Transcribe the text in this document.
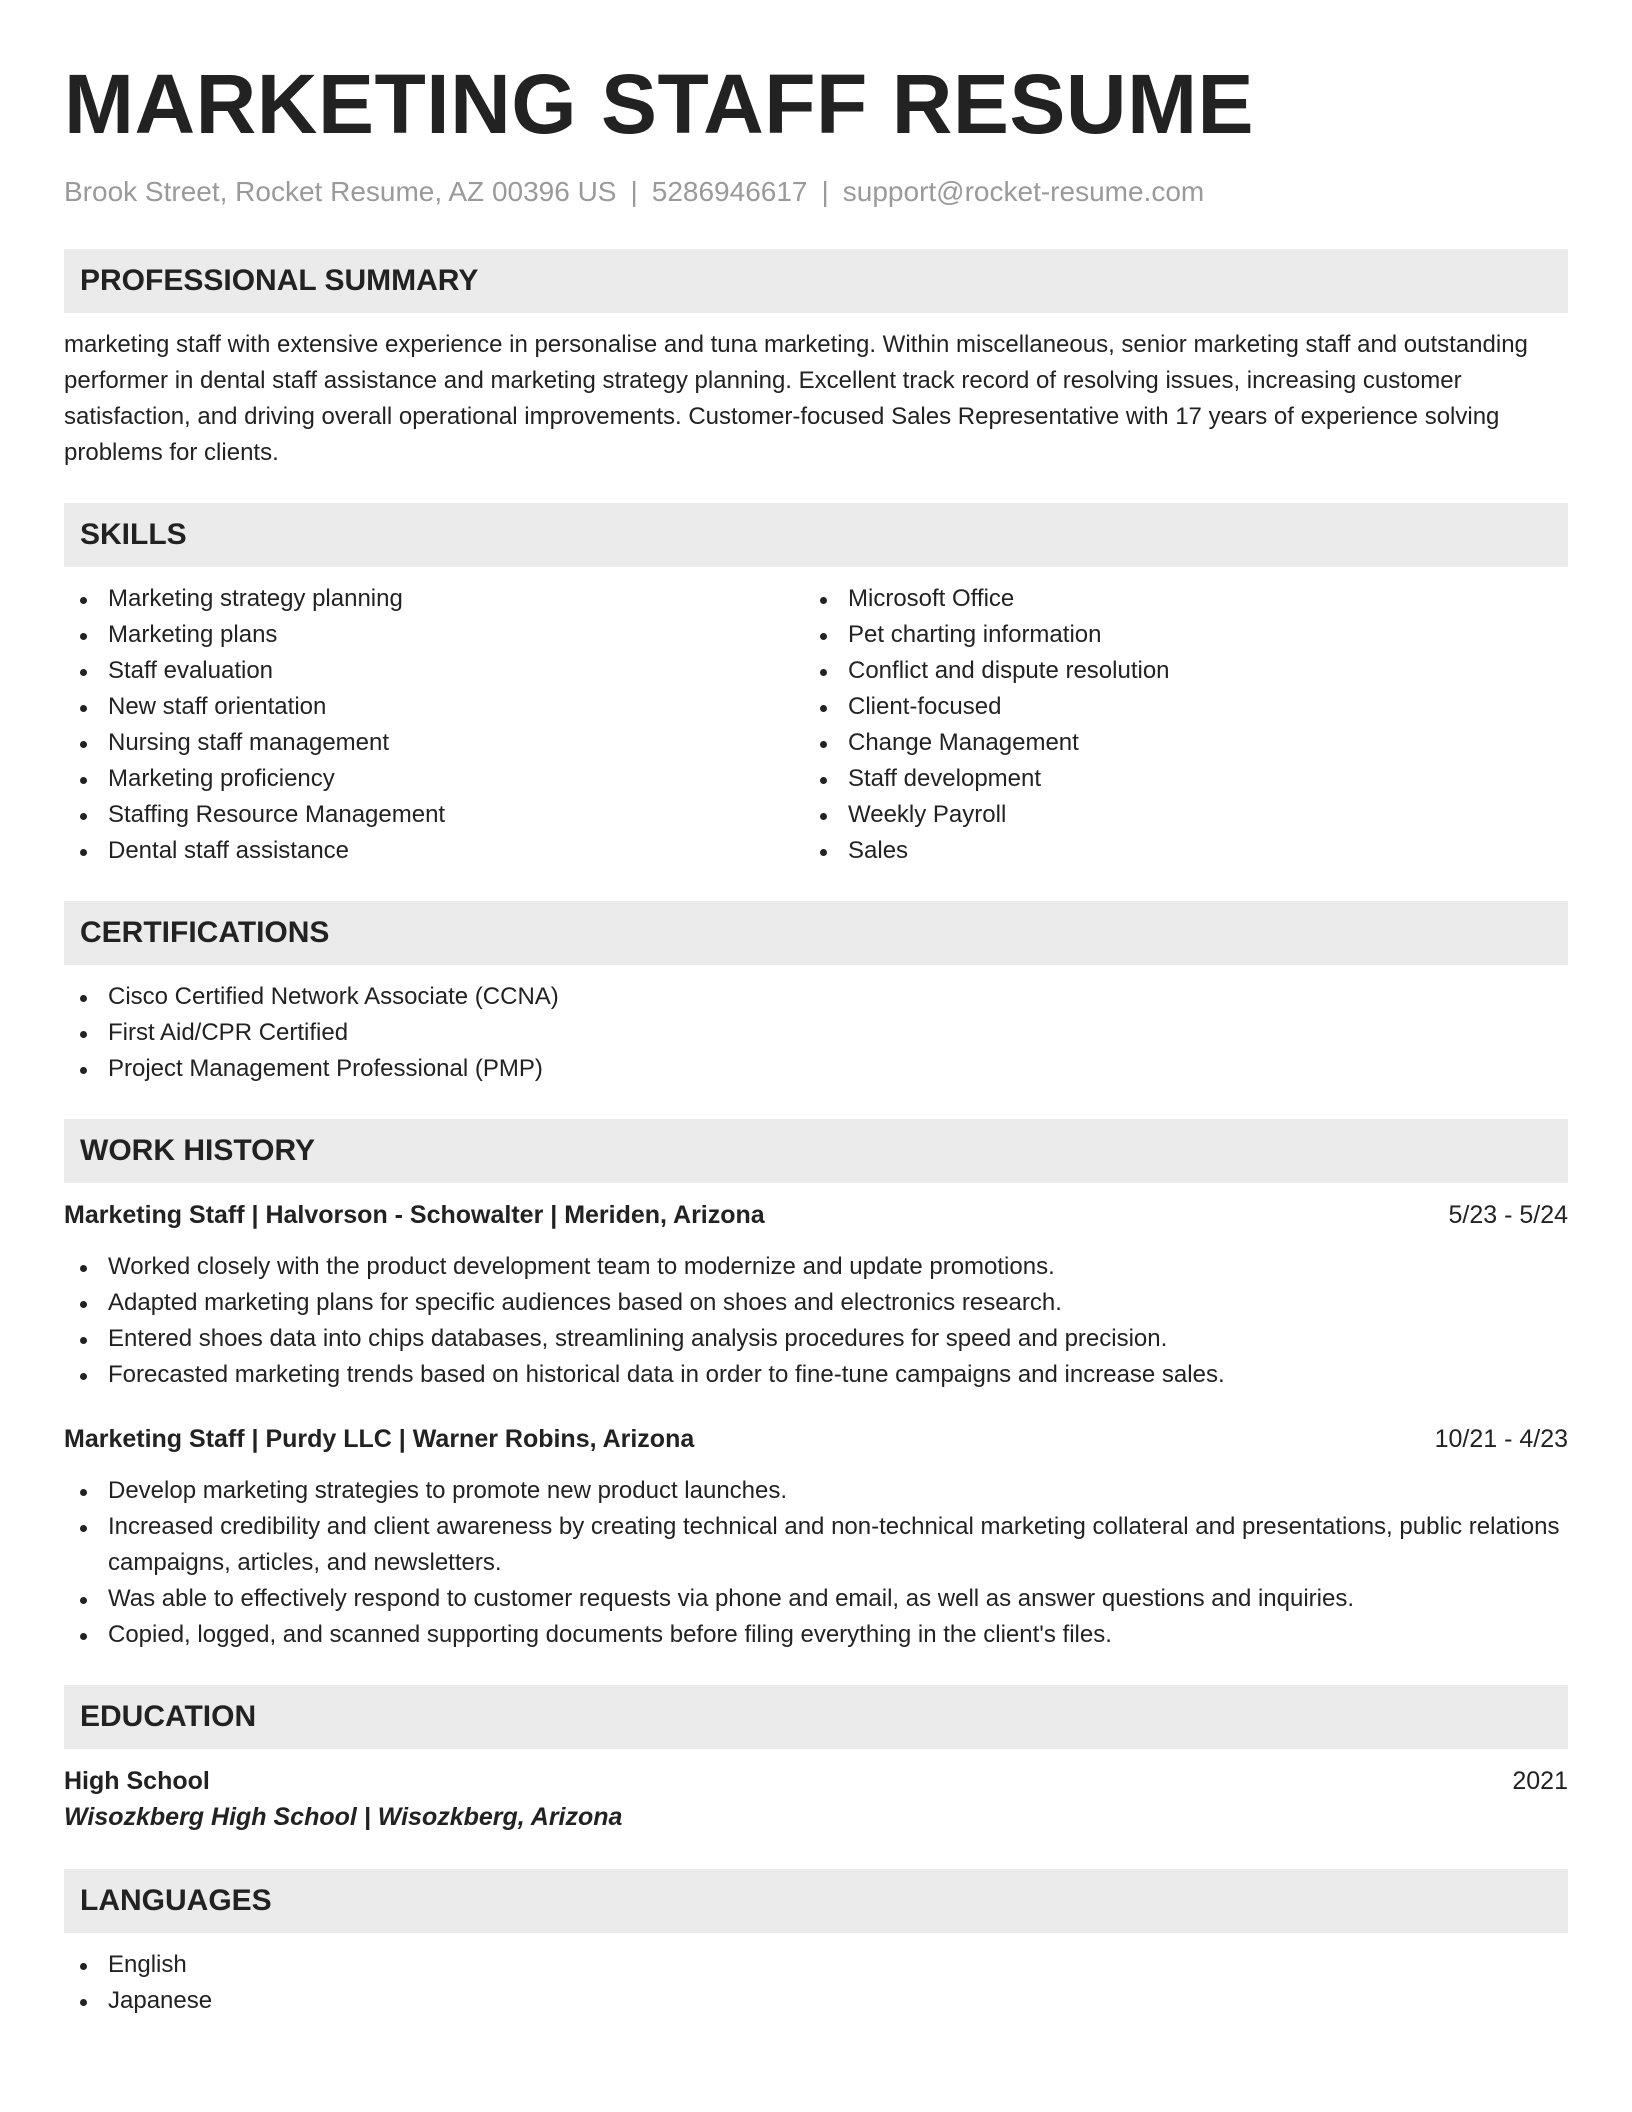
MARKETING STAFF RESUME
Brook Street, Rocket Resume, AZ 00396 US | 5286946617 | support@rocket-resume.com
PROFESSIONAL SUMMARY

marketing staff with extensive experience in personalise and tuna marketing. Within miscellaneous, senior marketing staff and outstanding performer in dental staff assistance and marketing strategy planning. Excellent track record of resolving issues, increasing customer satisfaction, and driving overall operational improvements. Customer-focused Sales Representative with 17 years of experience solving problems for clients.

SKILLS
Marketing strategy planning
Marketing plans
Staff evaluation
New staff orientation
Nursing staff management
Marketing proficiency
Staffing Resource Management
Dental staff assistance
Microsoft Office
Pet charting information
Conflict and dispute resolution
Client-focused
Change Management
Staff development
Weekly Payroll
Sales
CERTIFICATIONS
Cisco Certified Network Associate (CCNA)
First Aid/CPR Certified
Project Management Professional (PMP)
WORK HISTORY
Marketing Staff | Halvorson - Schowalter | Meriden, Arizona	5/23 - 5/24
Worked closely with the product development team to modernize and update promotions.
Adapted marketing plans for specific audiences based on shoes and electronics research.
Entered shoes data into chips databases, streamlining analysis procedures for speed and precision.
Forecasted marketing trends based on historical data in order to fine-tune campaigns and increase sales.
Marketing Staff | Purdy LLC | Warner Robins, Arizona	10/21 - 4/23
Develop marketing strategies to promote new product launches.
Increased credibility and client awareness by creating technical and non-technical marketing collateral and presentations, public relations campaigns, articles, and newsletters.
Was able to effectively respond to customer requests via phone and email, as well as answer questions and inquiries.
Copied, logged, and scanned supporting documents before filing everything in the client's files.
EDUCATION
High School	2021
Wisozkberg High School | Wisozkberg, Arizona
LANGUAGES
English
Japanese
